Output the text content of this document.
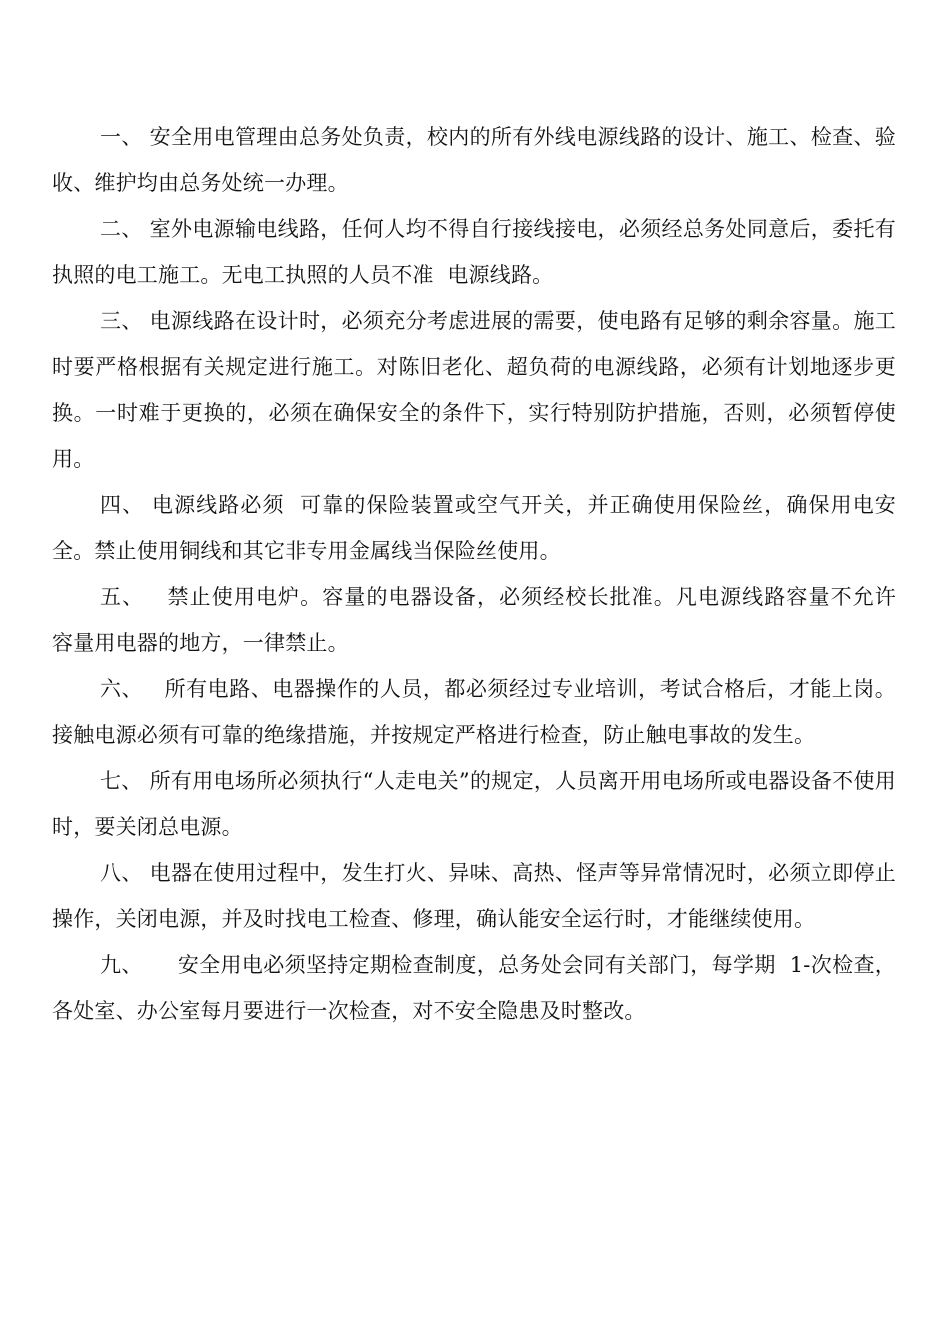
一、 安全用电管理由总务处负责，校内的所有外线电源线路的设计、施工、检查、验收、维护均由总务处统一办理。

二、 室外电源输电线路，任何人均不得自行接线接电，必须经总务处同意后，委托有执照的电工施工。无电工执照的人员不准  电源线路。

三、 电源线路在设计时，必须充分考虑进展的需要，使电路有足够的剩余容量。施工时要严格根据有关规定进行施工。对陈旧老化、超负荷的电源线路，必须有计划地逐步更换。一时难于更换的，必须在确保安全的条件下，实行特别防护措施，否则，必须暂停使用。

四、 电源线路必须  可靠的保险装置或空气开关，并正确使用保险丝，确保用电安全。禁止使用铜线和其它非专用金属线当保险丝使用。

五、   禁止使用电炉。容量的电器设备，必须经校长批准。凡电源线路容量不允许  容量用电器的地方，一律禁止。

六、   所有电路、电器操作的人员，都必须经过专业培训，考试合格后，才能上岗。接触电源必须有可靠的绝缘措施，并按规定严格进行检查，防止触电事故的发生。

七、 所有用电场所必须执行“人走电关”的规定，人员离开用电场所或电器设备不使用时，要关闭总电源。

八、 电器在使用过程中，发生打火、异味、高热、怪声等异常情况时，必须立即停止操作，关闭电源，并及时找电工检查、修理，确认能安全运行时，才能继续使用。

九、     安全用电必须坚持定期检查制度，总务处会同有关部门，每学期  1-次检查，各处室、办公室每月要进行一次检查，对不安全隐患及时整改。
